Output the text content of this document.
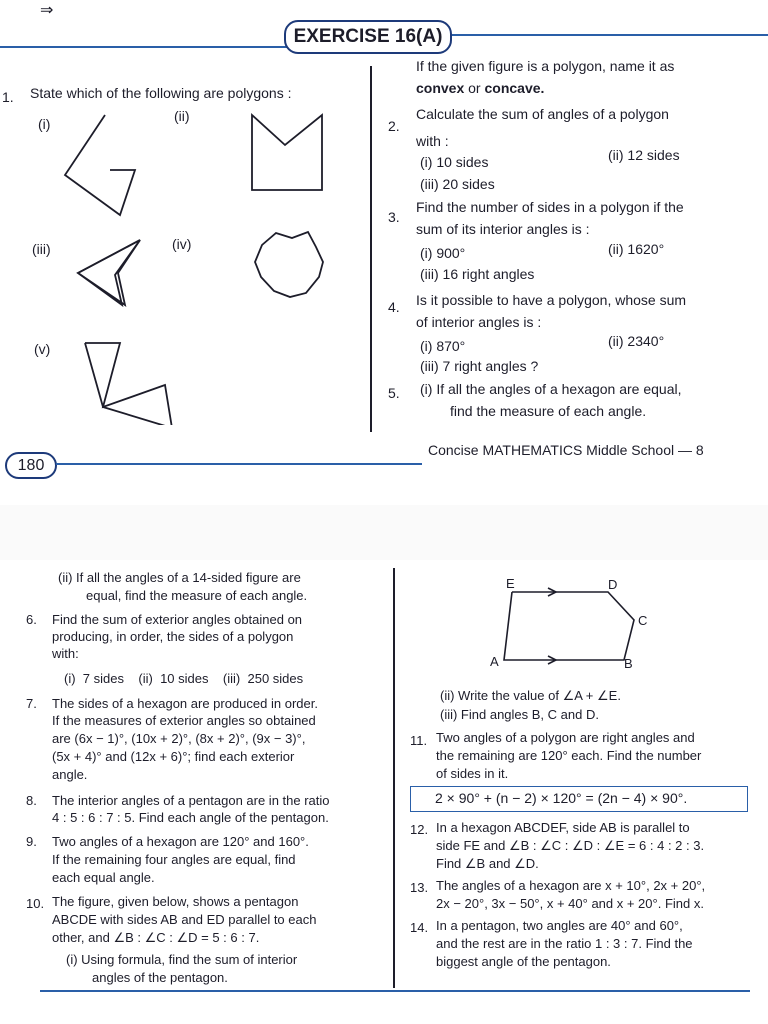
⇒
EXERCISE 16(A)
1. State which of the following are polygons :
(i)	(ii)
(iii)	(iv)
(v)
If the given figure is a polygon, name it as
convex or concave.
2.
Calculate the sum of angles of a polygon
with :
(i) 10 sides	(ii) 12 sides
(iii) 20 sides
3.
Find the number of sides in a polygon if the
sum of its interior angles is :
(i) 900°	(ii) 1620°
(iii) 16 right angles
4. Is it possible to have a polygon, whose sum
of interior angles is :
(i) 870°	(ii) 2340°
(iii) 7 right angles ?
5. (i) If all the angles of a hexagon are equal,
find the measure of each angle.
180
Concise MATHEMATICS Middle School — 8
(ii) If all the angles of a 14-sided figure are
equal, find the measure of each angle.
6. Find the sum of exterior angles obtained on
producing, in order, the sides of a polygon
with:
(i)  7 sides    (ii)  10 sides    (iii)  250 sides
7. The sides of a hexagon are produced in order.
If the measures of exterior angles so obtained
are (6x − 1)°, (10x + 2)°, (8x + 2)°, (9x − 3)°,
(5x + 4)° and (12x + 6)°; find each exterior
angle.
8. The interior angles of a pentagon are in the ratio
4 : 5 : 6 : 7 : 5. Find each angle of the pentagon.
9. Two angles of a hexagon are 120° and 160°.
If the remaining four angles are equal, find
each equal angle.
10. The figure, given below, shows a pentagon
ABCDE with sides AB and ED parallel to each
other, and ∠B : ∠C : ∠D = 5 : 6 : 7.
(i) Using formula, find the sum of interior
angles of the pentagon.
E	D
C
A	B
(ii) Write the value of ∠A + ∠E.
(iii) Find angles B, C and D.
11. Two angles of a polygon are right angles and
the remaining are 120° each. Find the number
of sides in it.
2 × 90° + (n − 2) × 120° = (2n − 4) × 90°.
12. In a hexagon ABCDEF, side AB is parallel to
side FE and ∠B : ∠C : ∠D : ∠E = 6 : 4 : 2 : 3.
Find ∠B and ∠D.
13. The angles of a hexagon are x + 10°, 2x + 20°,
2x − 20°, 3x − 50°, x + 40° and x + 20°. Find x.
14. In a pentagon, two angles are 40° and 60°,
and the rest are in the ratio 1 : 3 : 7. Find the
biggest angle of the pentagon.
